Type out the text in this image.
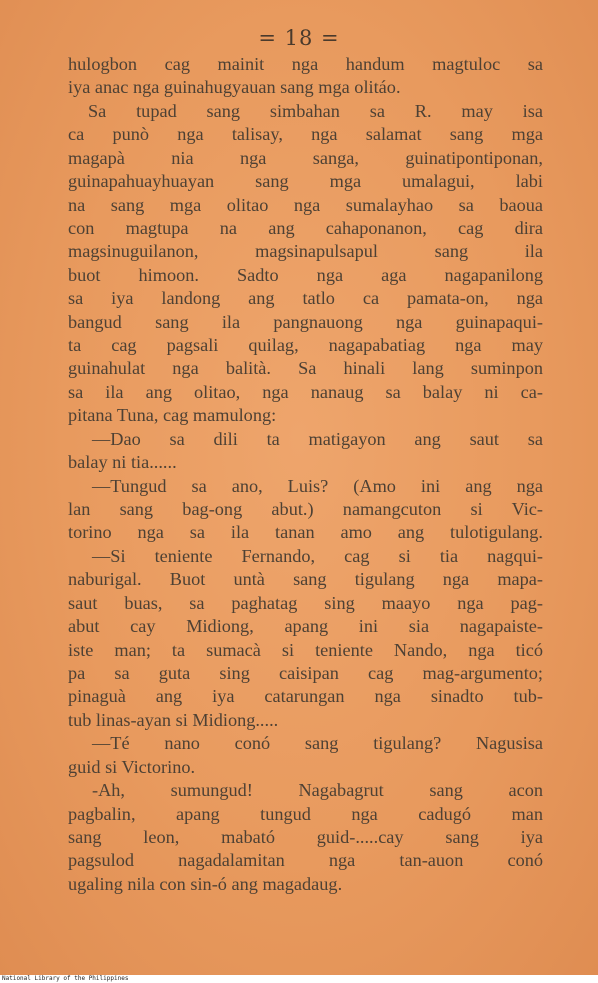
= 18 =
hulogbon cag mainit nga handum magtuloc sa
iya anac nga guinahugyauan sang mga olitáo.
Sa tupad sang simbahan sa R. may isa
ca punò nga talisay, nga salamat sang mga
magapà nia nga sanga, guinatipontiponan,
guinapahuayhuayan sang mga umalagui, labi
na sang mga olitao nga sumalayhao sa baoua
con magtupa na ang cahaponanon, cag dira
magsinuguilanon, magsinapulsapul sang ila
buot himoon. Sadto nga aga nagapanilong
sa iya landong ang tatlo ca pamata-on, nga
bangud sang ila pangnauong nga guinapaqui-
ta cag pagsali quilag, nagapabatiag nga may
guinahulat nga balità. Sa hinali lang suminpon
sa ila ang olitao, nga nanaug sa balay ni ca-
pitana Tuna, cag mamulong:
—Dao sa dili ta matigayon ang saut sa
balay ni tia......
—Tungud sa ano, Luis? (Amo ini ang nga
lan sang bag-ong abut.) namangcuton si Vic-
torino nga sa ila tanan amo ang tulotigulang.
—Si teniente Fernando, cag si tia nagqui-
naburigal. Buot untà sang tigulang nga mapa-
saut buas, sa paghatag sing maayo nga pag-
abut cay Midiong, apang ini sia nagapaiste-
iste man; ta sumacà si teniente Nando, nga ticó
pa sa guta sing caisipan cag mag-argumento;
pinaguà ang iya catarungan nga sinadto tub-
tub linas-ayan si Midiong.....
—Té nano conó sang tigulang? Nagusisa
guid si Victorino.
-Ah, sumungud! Nagabagrut sang acon
pagbalin, apang tungud nga cadugó man
sang leon, mabató guid-.....cay sang iya
pagsulod nagadalamitan nga tan-auon conó
ugaling nila con sin-ó ang magadaug.
National Library of the Philippines
